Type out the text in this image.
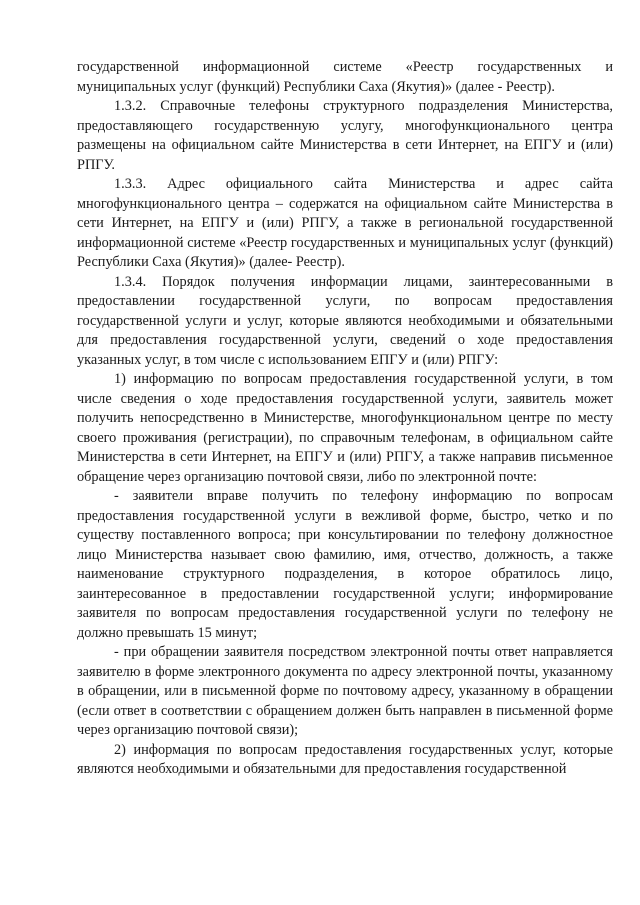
государственной информационной системе «Реестр государственных и муниципальных услуг (функций) Республики Саха (Якутия)» (далее - Реестр).

1.3.2. Справочные телефоны структурного подразделения Министерства, предоставляющего государственную услугу, многофункционального центра размещены на официальном сайте Министерства в сети Интернет, на ЕПГУ и (или) РПГУ.

1.3.3. Адрес официального сайта Министерства и адрес сайта многофункционального центра – содержатся на официальном сайте Министерства в сети Интернет, на ЕПГУ и (или) РПГУ, а также в региональной государственной информационной системе «Реестр государственных и муниципальных услуг (функций) Республики Саха (Якутия)» (далее- Реестр).

1.3.4. Порядок получения информации лицами, заинтересованными в предоставлении государственной услуги, по вопросам предоставления государственной услуги и услуг, которые являются необходимыми и обязательными для предоставления государственной услуги, сведений о ходе предоставления указанных услуг, в том числе с использованием ЕПГУ и (или) РПГУ:

1) информацию по вопросам предоставления государственной услуги, в том числе сведения о ходе предоставления государственной услуги, заявитель может получить непосредственно в Министерстве, многофункциональном центре по месту своего проживания (регистрации), по справочным телефонам, в официальном сайте Министерства в сети Интернет, на ЕПГУ и (или) РПГУ, а также направив письменное обращение через организацию почтовой связи, либо по электронной почте:

- заявители вправе получить по телефону информацию по вопросам предоставления государственной услуги в вежливой форме, быстро, четко и по существу поставленного вопроса; при консультировании по телефону должностное лицо Министерства называет свою фамилию, имя, отчество, должность, а также наименование структурного подразделения, в которое обратилось лицо, заинтересованное в предоставлении государственной услуги; информирование заявителя по вопросам предоставления государственной услуги по телефону не должно превышать 15 минут;

- при обращении заявителя посредством электронной почты ответ направляется заявителю в форме электронного документа по адресу электронной почты, указанному в обращении, или в письменной форме по почтовому адресу, указанному в обращении (если ответ в соответствии с обращением должен быть направлен в письменной форме через организацию почтовой связи);

2) информация по вопросам предоставления государственных услуг, которые являются необходимыми и обязательными для предоставления государственной
